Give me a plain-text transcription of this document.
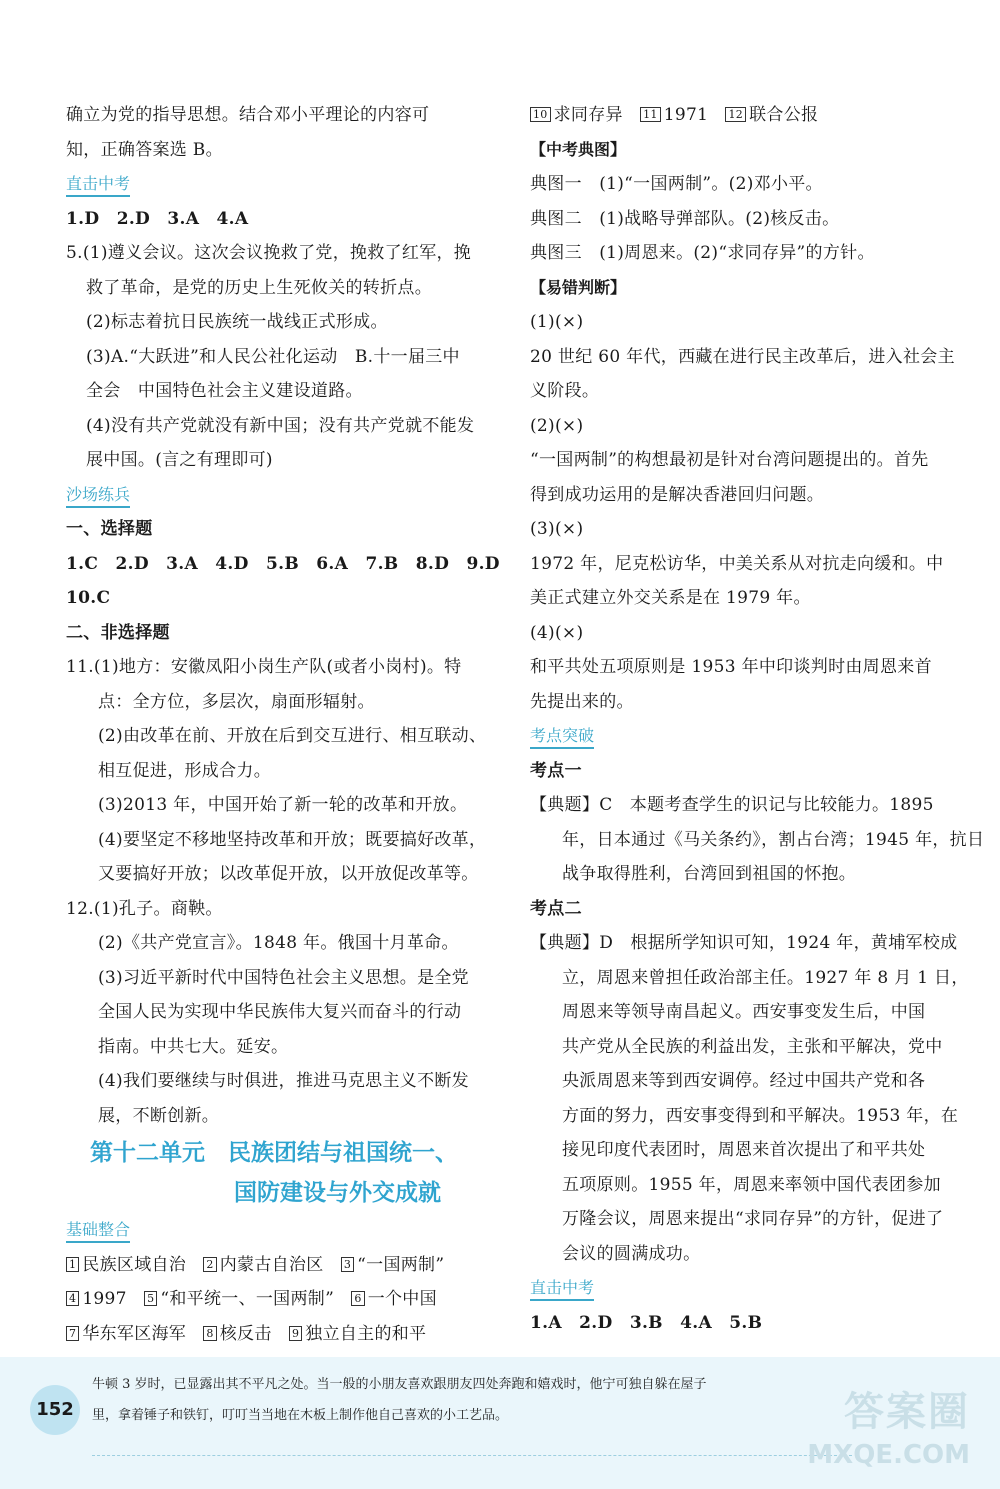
确立为党的指导思想。结合邓小平理论的内容可
知，正确答案选 B。
直击中考
1.D　2.D　3.A　4.A
5.(1)遵义会议。这次会议挽救了党，挽救了红军，挽
救了革命，是党的历史上生死攸关的转折点。
(2)标志着抗日民族统一战线正式形成。
(3)A.“大跃进”和人民公社化运动　B.十一届三中
全会　中国特色社会主义建设道路。
(4)没有共产党就没有新中国；没有共产党就不能发
展中国。(言之有理即可)
沙场练兵
一、选择题
1.C　2.D　3.A　4.D　5.B　6.A　7.B　8.D　9.D
10.C
二、非选择题
11.(1)地方：安徽凤阳小岗生产队(或者小岗村)。特
点：全方位，多层次，扇面形辐射。
(2)由改革在前、开放在后到交互进行、相互联动、
相互促进，形成合力。
(3)2013 年，中国开始了新一轮的改革和开放。
(4)要坚定不移地坚持改革和开放；既要搞好改革，
又要搞好开放；以改革促开放，以开放促改革等。
12.(1)孔子。商鞅。
(2)《共产党宣言》。1848 年。俄国十月革命。
(3)习近平新时代中国特色社会主义思想。是全党
全国人民为实现中华民族伟大复兴而奋斗的行动
指南。中共七大。延安。
(4)我们要继续与时俱进，推进马克思主义不断发
展，不断创新。
第十二单元　民族团结与祖国统一、
国防建设与外交成就
基础整合
1 民族区域自治　2 内蒙古自治区　3 “一国两制”
4 1997　5 “和平统一、一国两制”　6 一个中国
7 华东军区海军　8 核反击　9 独立自主的和平
10 求同存异　11 1971　12 联合公报
【中考典图】
典图一　(1)“一国两制”。(2)邓小平。
典图二　(1)战略导弹部队。(2)核反击。
典图三　(1)周恩来。(2)“求同存异”的方针。
【易错判断】
(1)(×)
20 世纪 60 年代，西藏在进行民主改革后，进入社会主
义阶段。
(2)(×)
“一国两制”的构想最初是针对台湾问题提出的。首先
得到成功运用的是解决香港回归问题。
(3)(×)
1972 年，尼克松访华，中美关系从对抗走向缓和。中
美正式建立外交关系是在 1979 年。
(4)(×)
和平共处五项原则是 1953 年中印谈判时由周恩来首
先提出来的。
考点突破
考点一
【典题】C　本题考查学生的识记与比较能力。1895
年，日本通过《马关条约》，割占台湾；1945 年，抗日
战争取得胜利，台湾回到祖国的怀抱。
考点二
【典题】D　根据所学知识可知，1924 年，黄埔军校成
立，周恩来曾担任政治部主任。1927 年 8 月 1 日，
周恩来等领导南昌起义。西安事变发生后，中国
共产党从全民族的利益出发，主张和平解决，党中
央派周恩来等到西安调停。经过中国共产党和各
方面的努力，西安事变得到和平解决。1953 年，在
接见印度代表团时，周恩来首次提出了和平共处
五项原则。1955 年，周恩来率领中国代表团参加
万隆会议，周恩来提出“求同存异”的方针，促进了
会议的圆满成功。
直击中考
1.A　2.D　3.B　4.A　5.B
152
牛顿 3 岁时，已显露出其不平凡之处。当一般的小朋友喜欢跟朋友四处奔跑和嬉戏时，他宁可独自躲在屋子
里，拿着锤子和铁钉，叮叮当当地在木板上制作他自己喜欢的小工艺品。	答案圈
MXQE.COM
